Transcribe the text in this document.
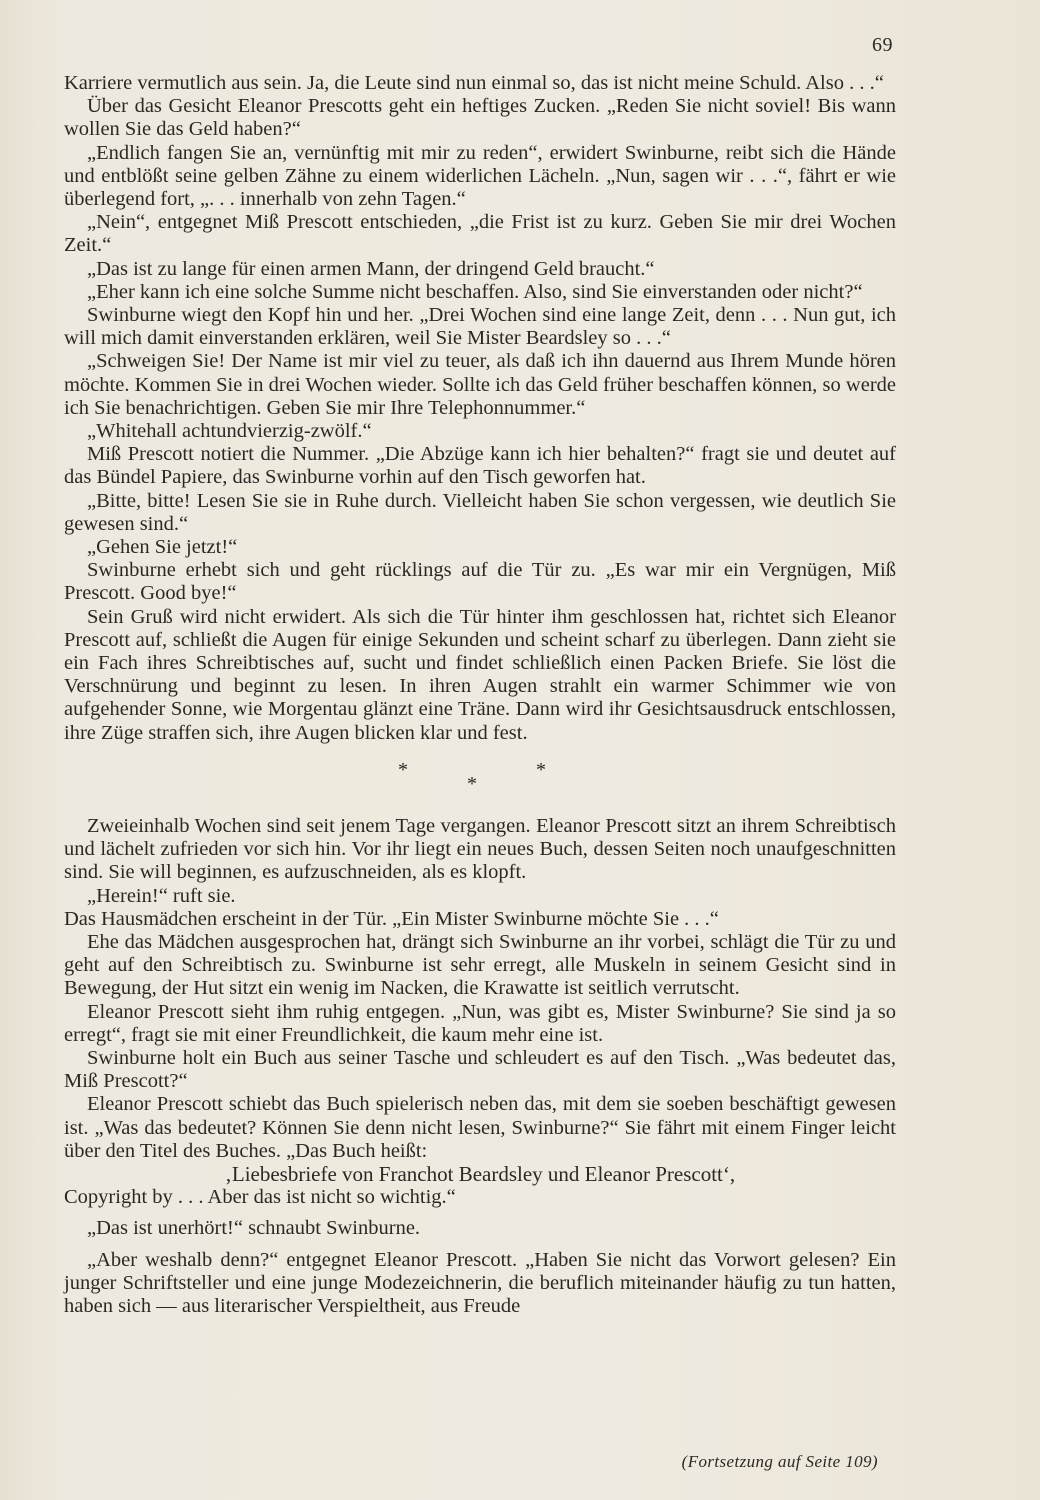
69

Karriere vermutlich aus sein. Ja, die Leute sind nun einmal so, das ist nicht meine Schuld. Also . . .“

Über das Gesicht Eleanor Prescotts geht ein heftiges Zucken. „Reden Sie nicht soviel! Bis wann wollen Sie das Geld haben?“

„Endlich fangen Sie an, vernünftig mit mir zu reden“, erwidert Swinburne, reibt sich die Hände und entblößt seine gelben Zähne zu einem widerlichen Lächeln. „Nun, sagen wir . . .“, fährt er wie überlegend fort, „. . . innerhalb von zehn Tagen.“

„Nein“, entgegnet Miß Prescott entschieden, „die Frist ist zu kurz. Geben Sie mir drei Wochen Zeit.“

„Das ist zu lange für einen armen Mann, der dringend Geld braucht.“

„Eher kann ich eine solche Summe nicht beschaffen. Also, sind Sie einverstanden oder nicht?“

Swinburne wiegt den Kopf hin und her. „Drei Wochen sind eine lange Zeit, denn . . . Nun gut, ich will mich damit einverstanden erklären, weil Sie Mister Beardsley so . . .“

„Schweigen Sie! Der Name ist mir viel zu teuer, als daß ich ihn dauernd aus Ihrem Munde hören möchte. Kommen Sie in drei Wochen wieder. Sollte ich das Geld früher beschaffen können, so werde ich Sie benachrichtigen. Geben Sie mir Ihre Telephonnummer.“

„Whitehall achtundvierzig-zwölf.“

Miß Prescott notiert die Nummer. „Die Abzüge kann ich hier behalten?“ fragt sie und deutet auf das Bündel Papiere, das Swinburne vorhin auf den Tisch geworfen hat.

„Bitte, bitte! Lesen Sie sie in Ruhe durch. Vielleicht haben Sie schon vergessen, wie deutlich Sie gewesen sind.“

„Gehen Sie jetzt!“

Swinburne erhebt sich und geht rücklings auf die Tür zu. „Es war mir ein Vergnügen, Miß Prescott. Good bye!“

Sein Gruß wird nicht erwidert. Als sich die Tür hinter ihm geschlossen hat, richtet sich Eleanor Prescott auf, schließt die Augen für einige Sekunden und scheint scharf zu überlegen. Dann zieht sie ein Fach ihres Schreibtisches auf, sucht und findet schließlich einen Packen Briefe. Sie löst die Verschnürung und beginnt zu lesen. In ihren Augen strahlt ein warmer Schimmer wie von aufgehender Sonne, wie Morgentau glänzt eine Träne. Dann wird ihr Gesichtsausdruck entschlossen, ihre Züge straffen sich, ihre Augen blicken klar und fest.

*
*
*

Zweieinhalb Wochen sind seit jenem Tage vergangen. Eleanor Prescott sitzt an ihrem Schreibtisch und lächelt zufrieden vor sich hin. Vor ihr liegt ein neues Buch, dessen Seiten noch unaufgeschnitten sind. Sie will beginnen, es aufzuschneiden, als es klopft.

„Herein!“ ruft sie.

Das Hausmädchen erscheint in der Tür. „Ein Mister Swinburne möchte Sie . . .“

Ehe das Mädchen ausgesprochen hat, drängt sich Swinburne an ihr vorbei, schlägt die Tür zu und geht auf den Schreibtisch zu. Swinburne ist sehr erregt, alle Muskeln in seinem Gesicht sind in Bewegung, der Hut sitzt ein wenig im Nacken, die Krawatte ist seitlich verrutscht.

Eleanor Prescott sieht ihm ruhig entgegen. „Nun, was gibt es, Mister Swinburne? Sie sind ja so erregt“, fragt sie mit einer Freundlichkeit, die kaum mehr eine ist.

Swinburne holt ein Buch aus seiner Tasche und schleudert es auf den Tisch. „Was bedeutet das, Miß Prescott?“

Eleanor Prescott schiebt das Buch spielerisch neben das, mit dem sie soeben beschäftigt gewesen ist. „Was das bedeutet? Können Sie denn nicht lesen, Swinburne?“ Sie fährt mit einem Finger leicht über den Titel des Buches. „Das Buch heißt:

‚Liebesbriefe von Franchot Beardsley und Eleanor Prescott‘,

Copyright by . . . Aber das ist nicht so wichtig.“

„Das ist unerhört!“ schnaubt Swinburne.

„Aber weshalb denn?“ entgegnet Eleanor Prescott. „Haben Sie nicht das Vorwort gelesen? Ein junger Schriftsteller und eine junge Modezeichnerin, die beruflich miteinander häufig zu tun hatten, haben sich — aus literarischer Verspieltheit, aus Freude

(Fortsetzung auf Seite 109)
